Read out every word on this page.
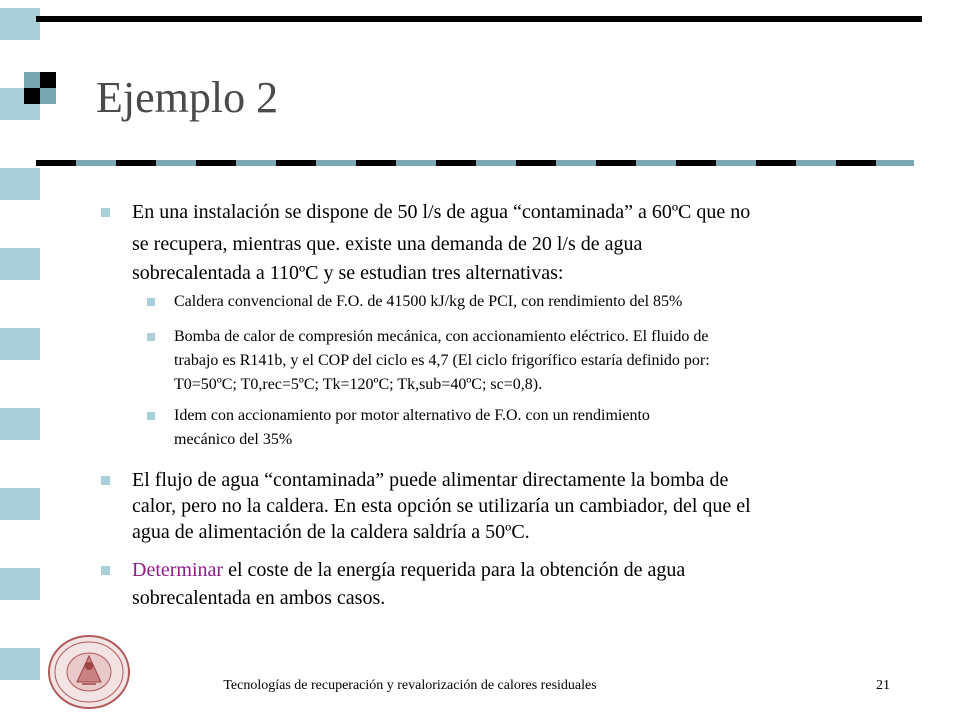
Ejemplo 2
En una instalación se dispone de 50 l/s de agua “contaminada” a 60ºC que no
se recupera, mientras que. existe una demanda de 20 l/s de agua
sobrecalentada a 110ºC y se estudian tres alternativas:
Caldera convencional de F.O. de 41500 kJ/kg de PCI, con rendimiento del 85%
Bomba de calor de compresión mecánica, con accionamiento eléctrico. El fluido de
trabajo es R141b, y el COP del ciclo es 4,7 (El ciclo frigorífico estaría definido por:
T0=50ºC; T0,rec=5ºC; Tk=120ºC; Tk,sub=40ºC; sc=0,8).
Idem con accionamiento por motor alternativo de F.O. con un rendimiento
mecánico del 35%
El flujo de agua “contaminada” puede alimentar directamente la bomba de
calor, pero no la caldera. En esta opción se utilizaría un cambiador, del que el
agua de alimentación de la caldera saldría a 50ºC.
Determinar el coste de la energía requerida para la obtención de agua
sobrecalentada en ambos casos.
Tecnologías de recuperación y revalorización de calores residuales	21
